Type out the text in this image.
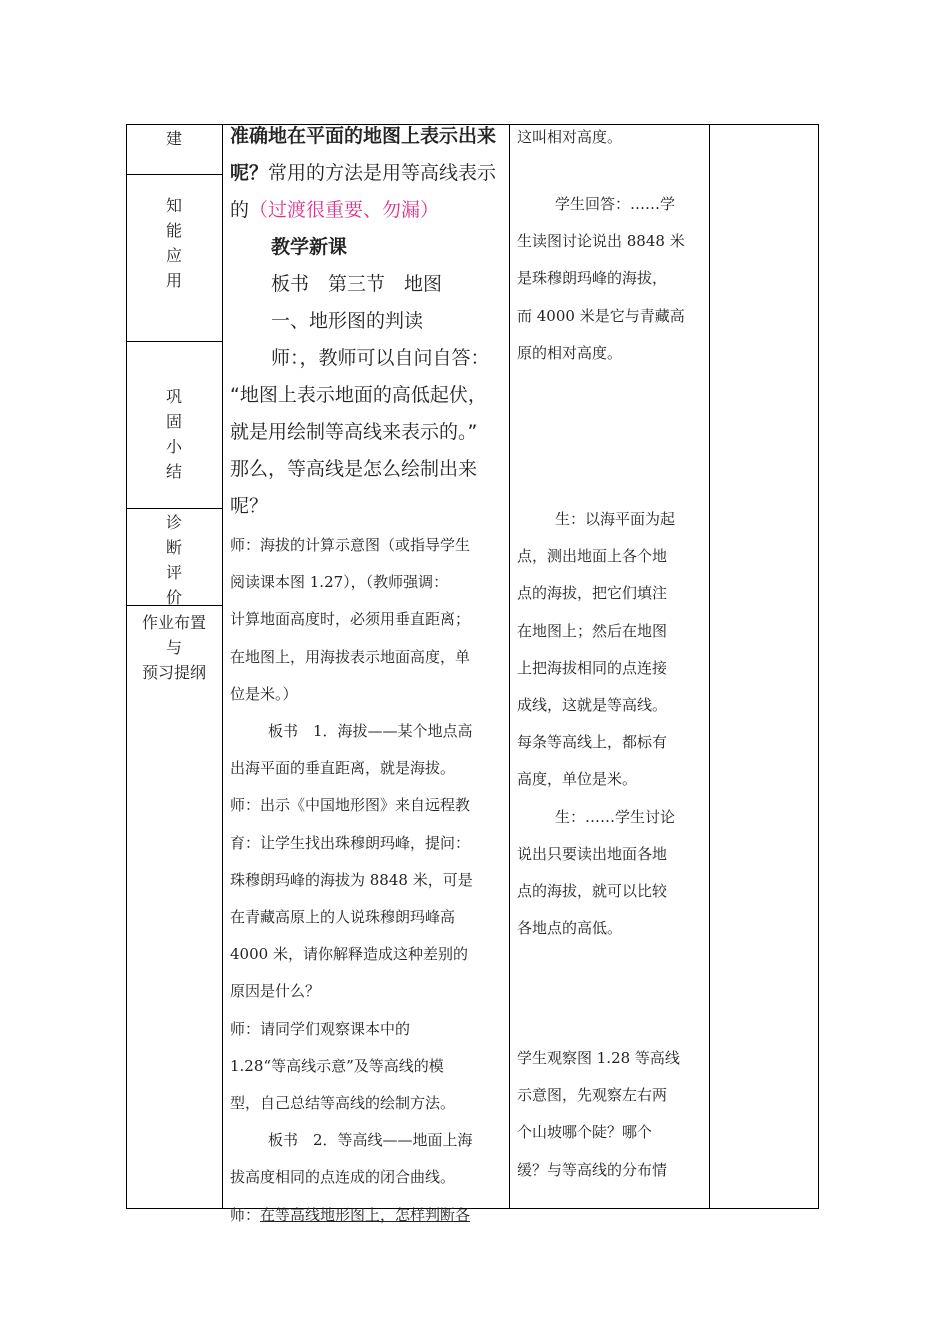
建
知
能
应
用
巩
固
小
结
诊
断
评
价
作业布置
与
预习提纲
准确地在平面的地图上表示出来
呢？常用的方法是用等高线表示
的（过渡很重要、勿漏）
教学新课
板书　第三节　地图
一、地形图的判读
师：，教师可以自问自答：
“地图上表示地面的高低起伏，
就是用绘制等高线来表示的。”
那么，等高线是怎么绘制出来
呢？
师：海拔的计算示意图（或指导学生
阅读课本图 1.27），（教师强调：
计算地面高度时，必须用垂直距离；
在地图上，用海拔表示地面高度，单
位是米。）
板书　1．海拔——某个地点高
出海平面的垂直距离，就是海拔。
师：出示《中国地形图》来自远程教
育：让学生找出珠穆朗玛峰，提问：
珠穆朗玛峰的海拔为 8848 米，可是
在青藏高原上的人说珠穆朗玛峰高
4000 米，请你解释造成这种差别的
原因是什么？
师：请同学们观察课本中的
1.28“等高线示意”及等高线的模
型，自己总结等高线的绘制方法。
板书　2．等高线——地面上海
拔高度相同的点连成的闭合曲线。
师：在等高线地形图上，怎样判断各
这叫相对高度。
学生回答：……学
生读图讨论说出 8848 米
是珠穆朗玛峰的海拔，
而 4000 米是它与青藏高
原的相对高度。
生：以海平面为起
点，测出地面上各个地
点的海拔，把它们填注
在地图上；然后在地图
上把海拔相同的点连接
成线，这就是等高线。
每条等高线上，都标有
高度，单位是米。
生：……学生讨论
说出只要读出地面各地
点的海拔，就可以比较
各地点的高低。
学生观察图 1.28 等高线
示意图，先观察左右两
个山坡哪个陡？哪个
缓？与等高线的分布情
